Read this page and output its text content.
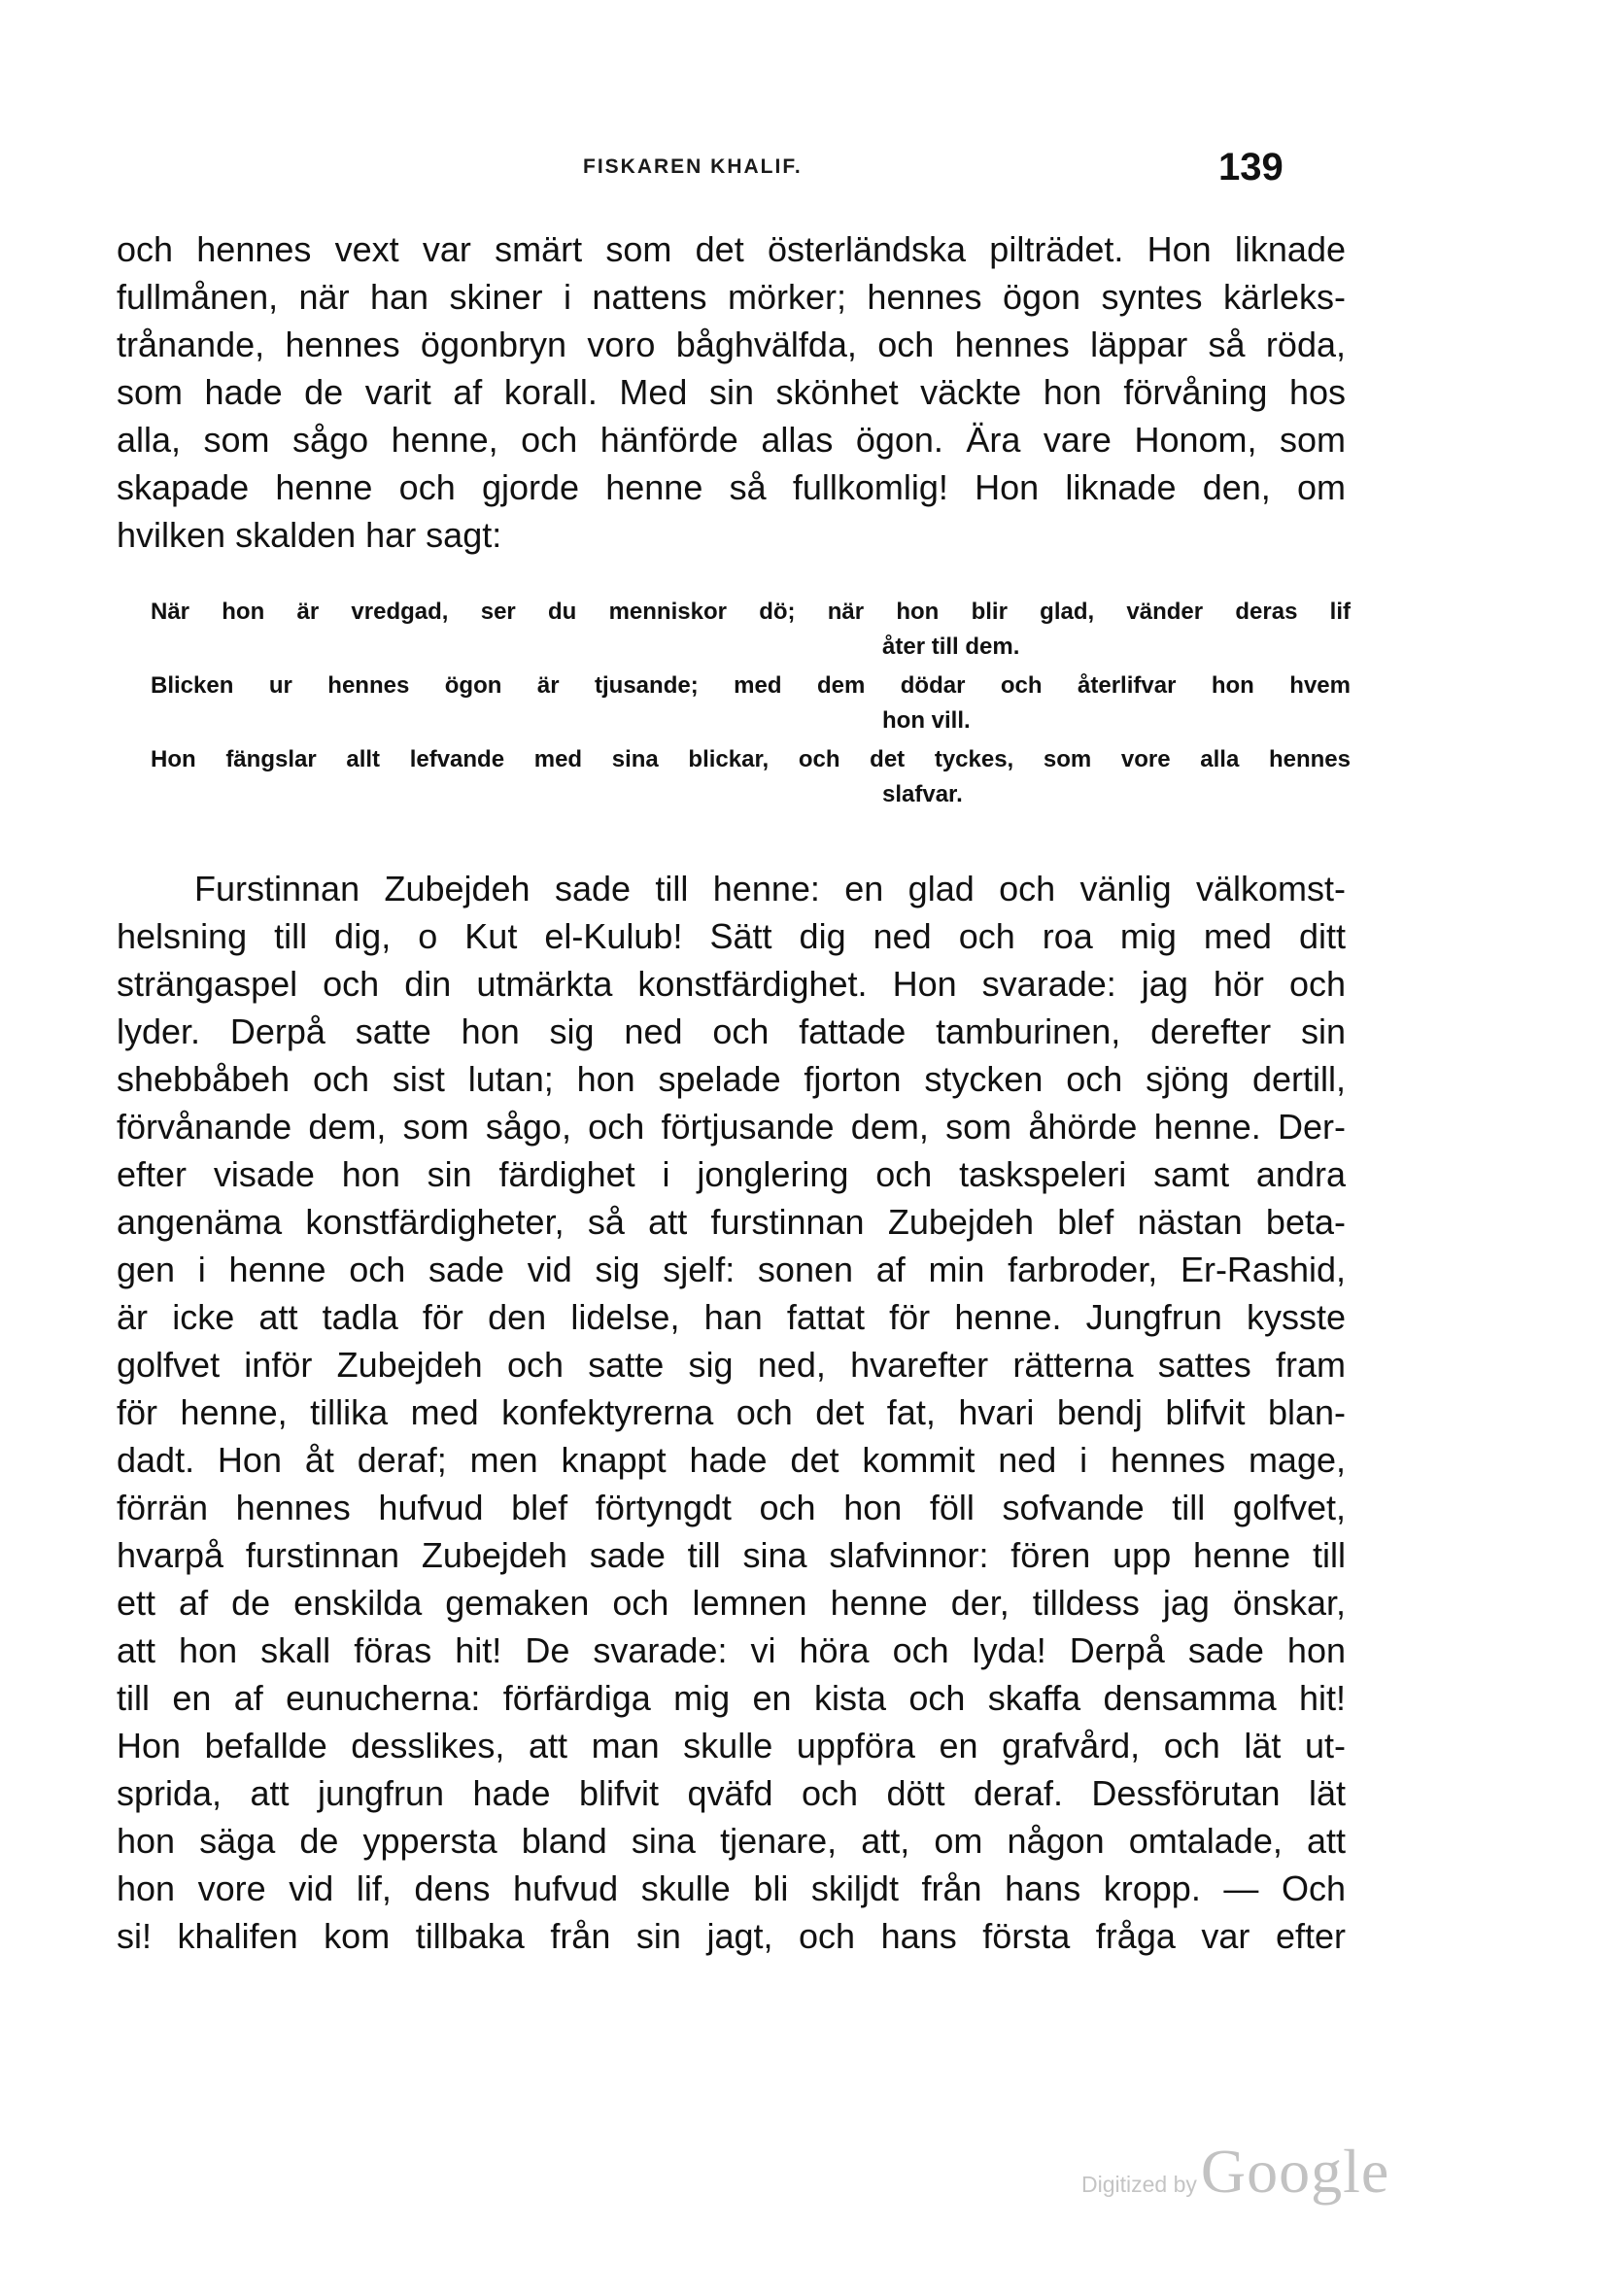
FISKAREN KHALIF.	139
och hennes vext var smärt som det österländska pilträdet. Hon liknade
fullmånen, när han skiner i nattens mörker; hennes ögon syntes kärleks-
trånande, hennes ögonbryn voro båghvälfda, och hennes läppar så röda,
som hade de varit af korall. Med sin skönhet väckte hon förvåning hos
alla, som sågo henne, och hänförde allas ögon. Ära vare Honom, som
skapade henne och gjorde henne så fullkomlig! Hon liknade den, om
hvilken skalden har sagt:
När hon är vredgad, ser du menniskor dö; när hon blir glad, vänder deras lif
åter till dem.
Blicken ur hennes ögon är tjusande; med dem dödar och återlifvar hon hvem
hon vill.
Hon fängslar allt lefvande med sina blickar, och det tyckes, som vore alla hennes
slafvar.
Furstinnan Zubejdeh sade till henne: en glad och vänlig välkomst-
helsning till dig, o Kut el-Kulub! Sätt dig ned och roa mig med ditt
strängaspel och din utmärkta konstfärdighet. Hon svarade: jag hör och
lyder. Derpå satte hon sig ned och fattade tamburinen, derefter sin
shebbåbeh och sist lutan; hon spelade fjorton stycken och sjöng dertill,
förvånande dem, som sågo, och förtjusande dem, som åhörde henne. Der-
efter visade hon sin färdighet i jonglering och taskspeleri samt andra
angenäma konstfärdigheter, så att furstinnan Zubejdeh blef nästan beta-
gen i henne och sade vid sig sjelf: sonen af min farbroder, Er-Rashid,
är icke att tadla för den lidelse, han fattat för henne. Jungfrun kysste
golfvet inför Zubejdeh och satte sig ned, hvarefter rätterna sattes fram
för henne, tillika med konfektyrerna och det fat, hvari bendj blifvit blan-
dadt. Hon åt deraf; men knappt hade det kommit ned i hennes mage,
förrän hennes hufvud blef förtyngdt och hon föll sofvande till golfvet,
hvarpå furstinnan Zubejdeh sade till sina slafvinnor: fören upp henne till
ett af de enskilda gemaken och lemnen henne der, tilldess jag önskar,
att hon skall föras hit! De svarade: vi höra och lyda! Derpå sade hon
till en af eunucherna: förfärdiga mig en kista och skaffa densamma hit!
Hon befallde desslikes, att man skulle uppföra en grafvård, och lät ut-
sprida, att jungfrun hade blifvit qväfd och dött deraf. Dessförutan lät
hon säga de yppersta bland sina tjenare, att, om någon omtalade, att
hon vore vid lif, dens hufvud skulle bli skiljdt från hans kropp. — Och
si! khalifen kom tillbaka från sin jagt, och hans första fråga var efter
Digitized by Google
